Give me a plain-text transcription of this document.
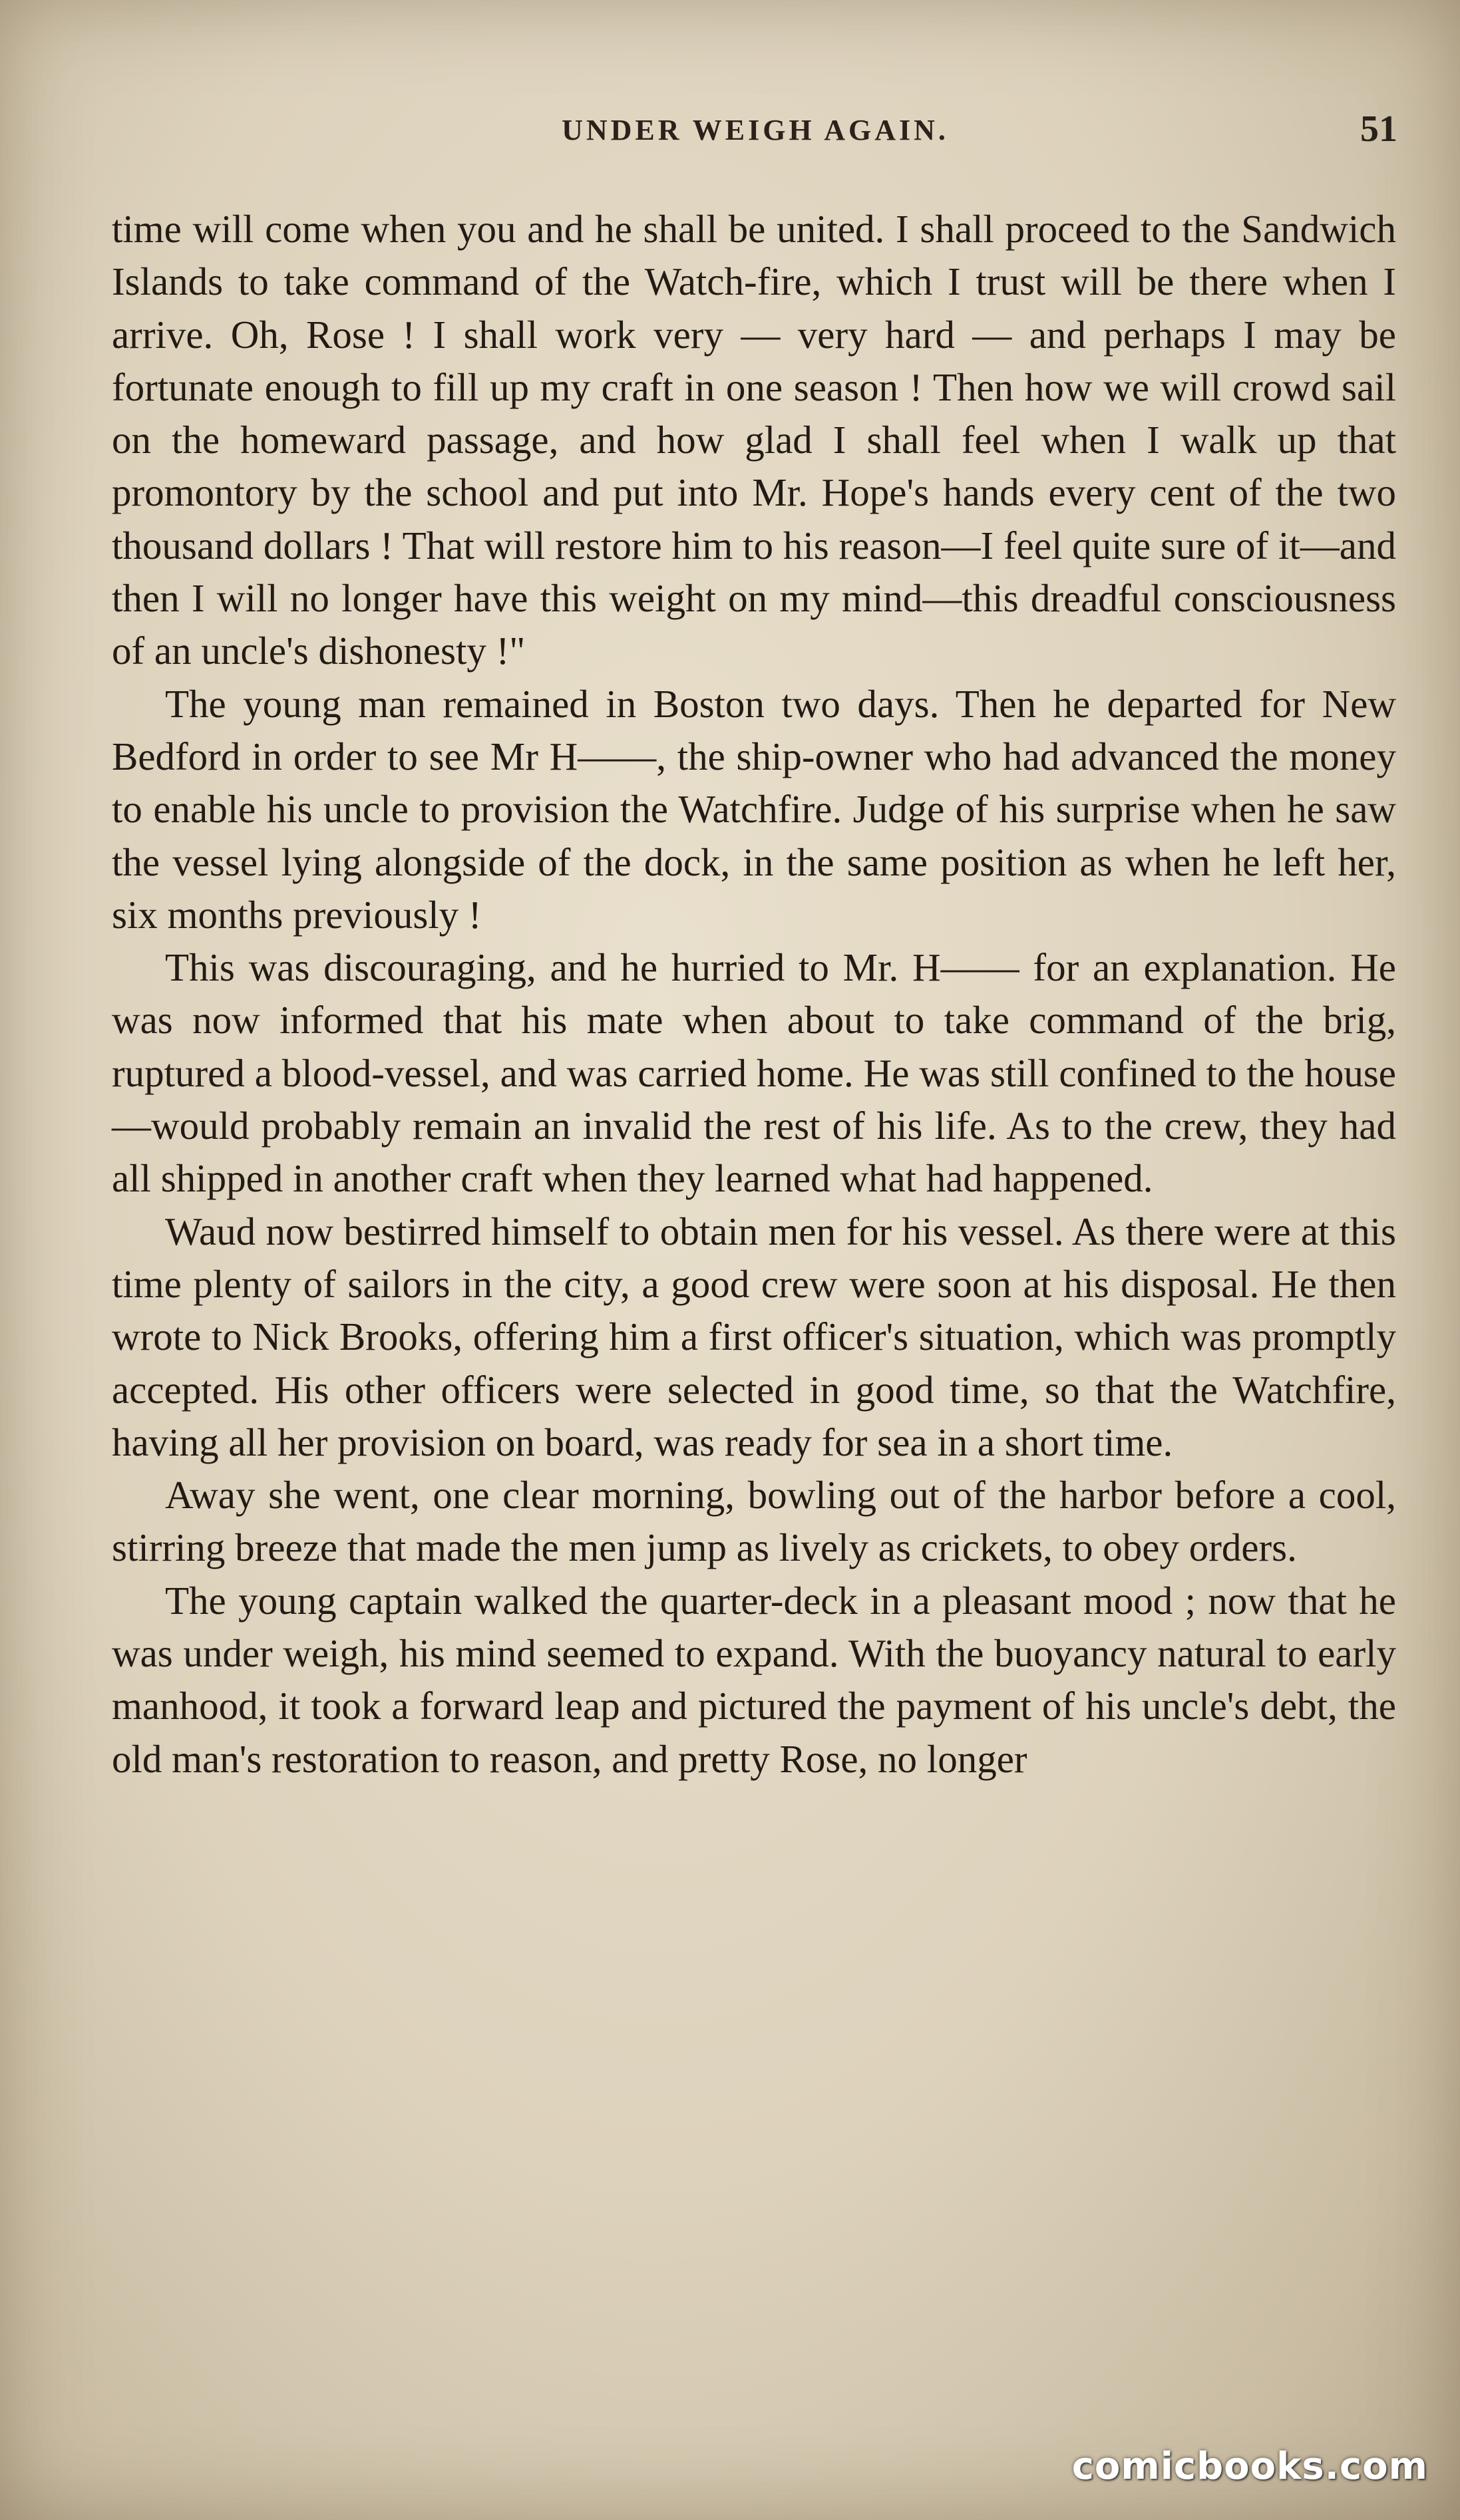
UNDER WEIGH AGAIN.	51

time will come when you and he shall be united. I shall proceed to the Sandwich Islands to take command of the Watch-fire, which I trust will be there when I arrive. Oh, Rose ! I shall work very — very hard — and perhaps I may be fortunate enough to fill up my craft in one season ! Then how we will crowd sail on the homeward passage, and how glad I shall feel when I walk up that promontory by the school and put into Mr. Hope's hands every cent of the two thousand dollars ! That will restore him to his reason—I feel quite sure of it—and then I will no longer have this weight on my mind—this dreadful consciousness of an uncle's dishonesty !"

The young man remained in Boston two days. Then he departed for New Bedford in order to see Mr H——, the ship-owner who had advanced the money to enable his uncle to provision the Watchfire. Judge of his surprise when he saw the vessel lying alongside of the dock, in the same position as when he left her, six months previously !

This was discouraging, and he hurried to Mr. H—— for an explanation. He was now informed that his mate when about to take command of the brig, ruptured a blood-vessel, and was carried home. He was still confined to the house—would probably remain an invalid the rest of his life. As to the crew, they had all shipped in another craft when they learned what had happened.

Waud now bestirred himself to obtain men for his vessel. As there were at this time plenty of sailors in the city, a good crew were soon at his disposal. He then wrote to Nick Brooks, offering him a first officer's situation, which was promptly accepted. His other officers were selected in good time, so that the Watchfire, having all her provision on board, was ready for sea in a short time.

Away she went, one clear morning, bowling out of the harbor before a cool, stirring breeze that made the men jump as lively as crickets, to obey orders.

The young captain walked the quarter-deck in a pleasant mood ; now that he was under weigh, his mind seemed to expand. With the buoyancy natural to early manhood, it took a forward leap and pictured the payment of his uncle's debt, the old man's restoration to reason, and pretty Rose, no longer

comicbooks.com
